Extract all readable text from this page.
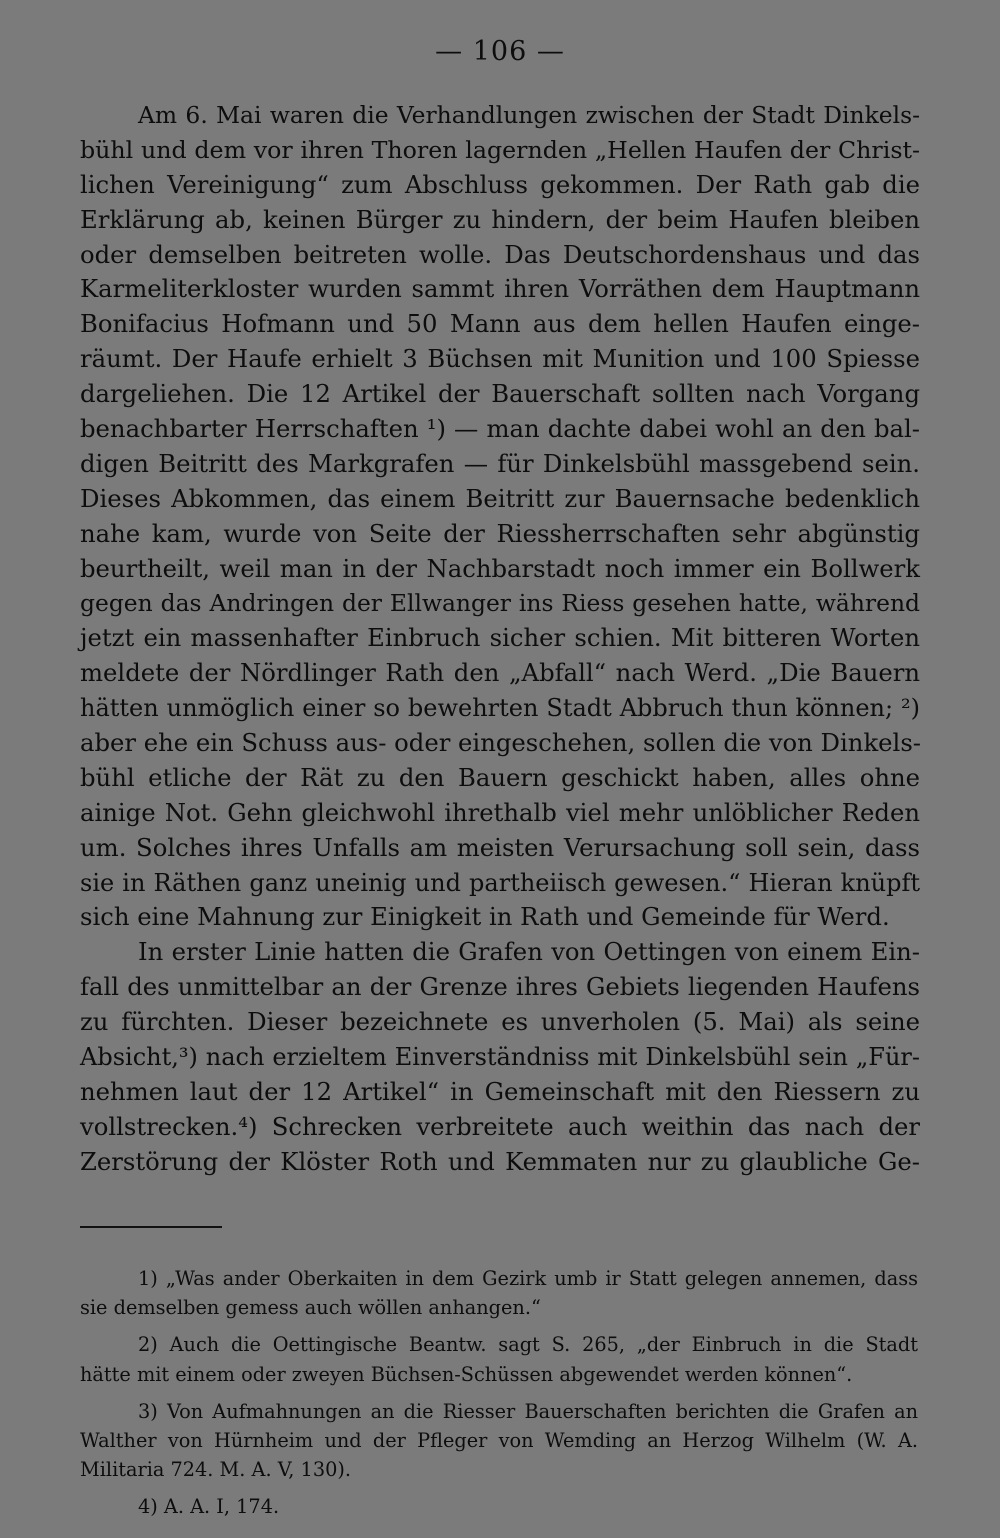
— 106 —
Am 6. Mai waren die Verhandlungen zwischen der Stadt Dinkels-
bühl und dem vor ihren Thoren lagernden „Hellen Haufen der Christ-
lichen Vereinigung“ zum Abschluss gekommen. Der Rath gab die
Erklärung ab, keinen Bürger zu hindern, der beim Haufen bleiben
oder demselben beitreten wolle. Das Deutschordenshaus und das
Karmeliterkloster wurden sammt ihren Vorräthen dem Hauptmann
Bonifacius Hofmann und 50 Mann aus dem hellen Haufen einge-
räumt. Der Haufe erhielt 3 Büchsen mit Munition und 100 Spiesse
dargeliehen. Die 12 Artikel der Bauerschaft sollten nach Vorgang
benachbarter Herrschaften ¹) — man dachte dabei wohl an den bal-
digen Beitritt des Markgrafen — für Dinkelsbühl massgebend sein.
Dieses Abkommen, das einem Beitritt zur Bauernsache bedenklich
nahe kam, wurde von Seite der Riessherrschaften sehr abgünstig
beurtheilt, weil man in der Nachbarstadt noch immer ein Bollwerk
gegen das Andringen der Ellwanger ins Riess gesehen hatte, während
jetzt ein massenhafter Einbruch sicher schien. Mit bitteren Worten
meldete der Nördlinger Rath den „Abfall“ nach Werd. „Die Bauern
hätten unmöglich einer so bewehrten Stadt Abbruch thun können; ²)
aber ehe ein Schuss aus- oder eingeschehen, sollen die von Dinkels-
bühl etliche der Rät zu den Bauern geschickt haben, alles ohne
ainige Not. Gehn gleichwohl ihrethalb viel mehr unlöblicher Reden
um. Solches ihres Unfalls am meisten Verursachung soll sein, dass
sie in Räthen ganz uneinig und partheiisch gewesen.“ Hieran knüpft
sich eine Mahnung zur Einigkeit in Rath und Gemeinde für Werd.
In erster Linie hatten die Grafen von Oettingen von einem Ein-
fall des unmittelbar an der Grenze ihres Gebiets liegenden Haufens
zu fürchten. Dieser bezeichnete es unverholen (5. Mai) als seine
Absicht,³) nach erzieltem Einverständniss mit Dinkelsbühl sein „Für-
nehmen laut der 12 Artikel“ in Gemeinschaft mit den Riessern zu
vollstrecken.⁴) Schrecken verbreitete auch weithin das nach der
Zerstörung der Klöster Roth und Kemmaten nur zu glaubliche Ge-
1) „Was ander Oberkaiten in dem Gezirk umb ir Statt gelegen annemen, dass
sie demselben gemess auch wöllen anhangen.“
2) Auch die Oettingische Beantw. sagt S. 265, „der Einbruch in die Stadt
hätte mit einem oder zweyen Büchsen-Schüssen abgewendet werden können“.
3) Von Aufmahnungen an die Riesser Bauerschaften berichten die Grafen an
Walther von Hürnheim und der Pfleger von Wemding an Herzog Wilhelm (W. A.
Militaria 724. M. A. V, 130).
4) A. A. I, 174.
